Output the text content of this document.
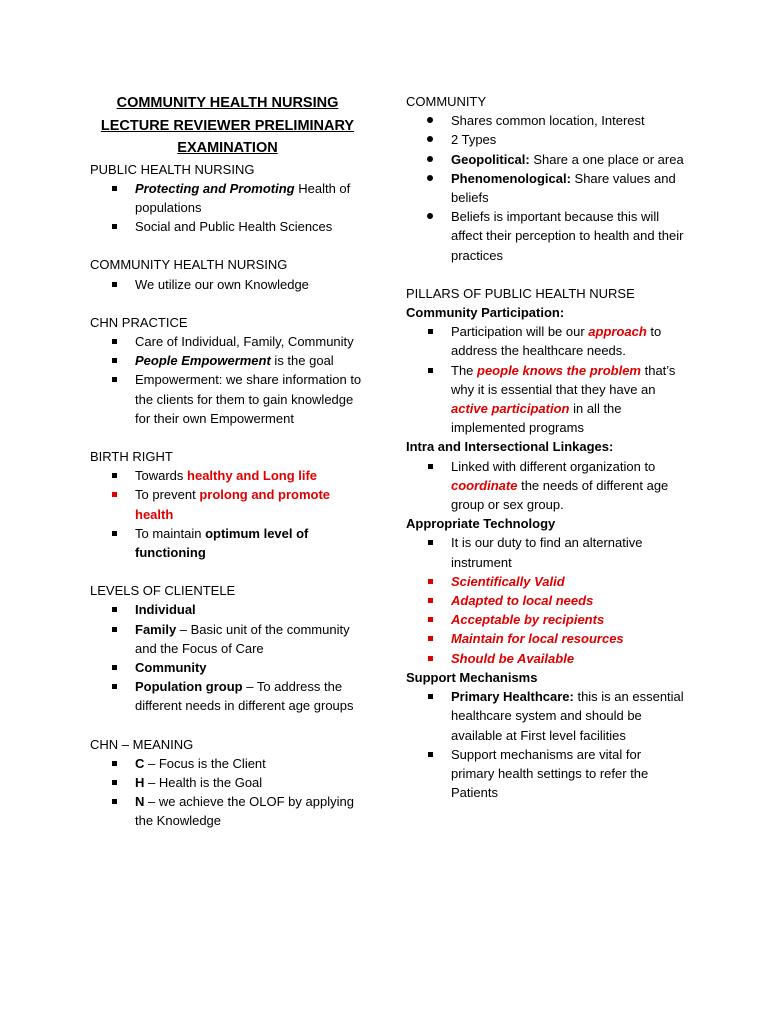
COMMUNITY HEALTH NURSING
LECTURE REVIEWER PRELIMINARY
EXAMINATION
PUBLIC HEALTH NURSING
Protecting and Promoting Health of populations
Social and Public Health Sciences
COMMUNITY HEALTH NURSING
We utilize our own Knowledge
CHN PRACTICE
Care of Individual, Family, Community
People Empowerment is the goal
Empowerment: we share information to the clients for them to gain knowledge for their own Empowerment
BIRTH RIGHT
Towards healthy and Long life
To prevent prolong and promote health
To maintain optimum level of functioning
LEVELS OF CLIENTELE
Individual
Family – Basic unit of the community and the Focus of Care
Community
Population group – To address the different needs in different age groups
CHN – MEANING
C – Focus is the Client
H – Health is the Goal
N – we achieve the OLOF by applying the Knowledge
COMMUNITY
Shares common location, Interest
2 Types
Geopolitical: Share a one place or area
Phenomenological: Share values and beliefs
Beliefs is important because this will affect their perception to health and their practices
PILLARS OF PUBLIC HEALTH NURSE
Community Participation:
Participation will be our approach to address the healthcare needs.
The people knows the problem that’s why it is essential that they have an active participation in all the implemented programs
Intra and Intersectional Linkages:
Linked with different organization to coordinate the needs of different age group or sex group.
Appropriate Technology
It is our duty to find an alternative instrument
Scientifically Valid
Adapted to local needs
Acceptable by recipients
Maintain for local resources
Should be Available
Support Mechanisms
Primary Healthcare: this is an essential healthcare system and should be available at First level facilities
Support mechanisms are vital for primary health settings to refer the Patients
